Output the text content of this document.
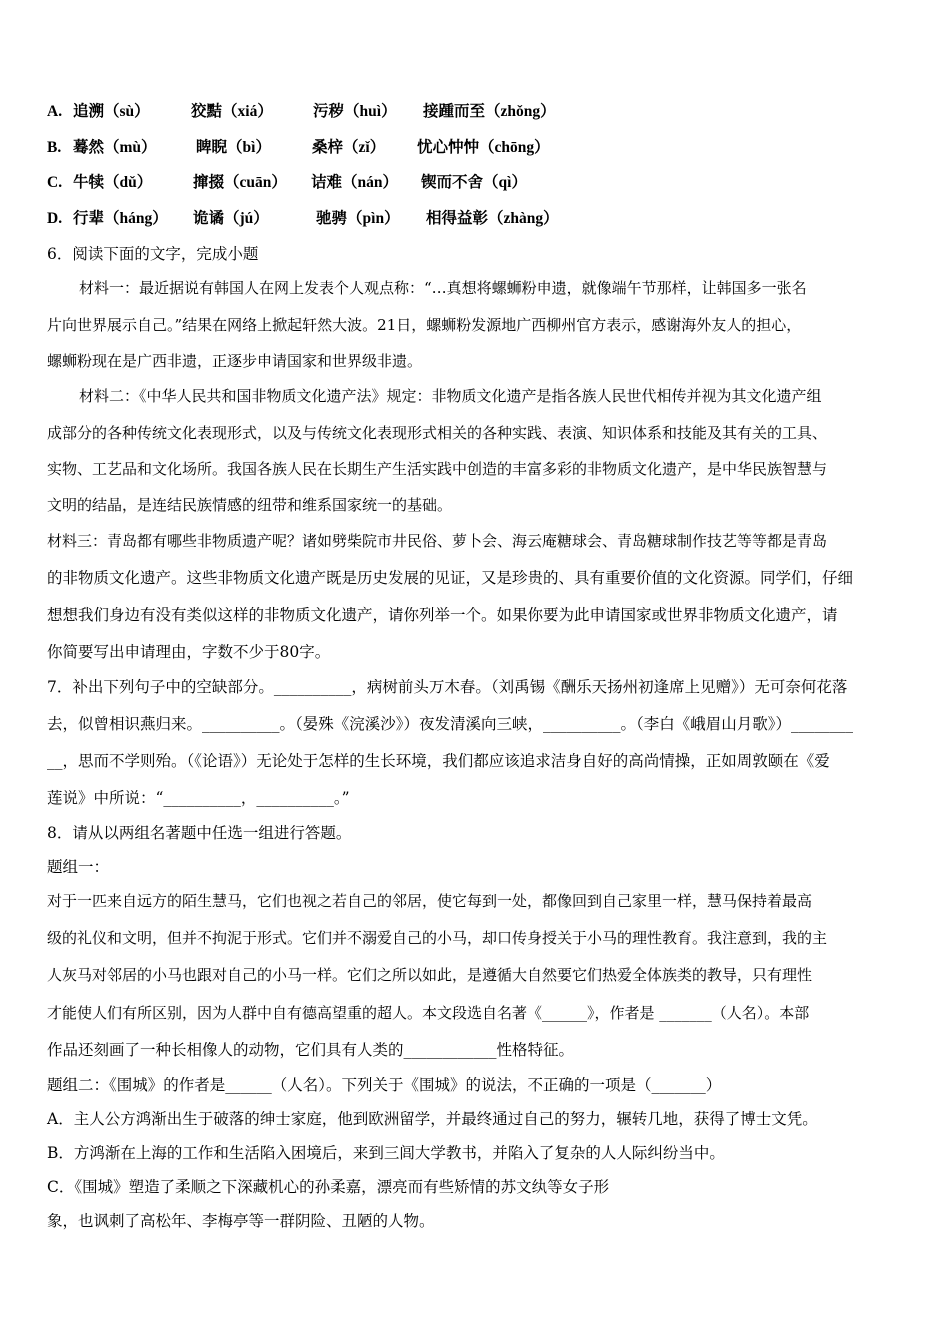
A. 追溯（sù）	狡黠（xiá）	污秽（huì） 接踵而至（zhǒng）
B. 蓦然（mù）	睥睨（bì）	桑梓（zǐ） 忧心忡忡（chōng）
C. 牛犊（dǔ）	撺掇（cuān） 诘难（nán） 锲而不舍（qì）
D. 行辈（háng） 诡谲（jú）	驰骋（pìn） 相得益彰（zhàng）
6．阅读下面的文字，完成小题
材料一：最近据说有韩国人在网上发表个人观点称：“…真想将螺蛳粉申遗，就像端午节那样，让韩国多一张名
片向世界展示自己。”结果在网络上掀起轩然大波。21日，螺蛳粉发源地广西柳州官方表示，感谢海外友人的担心，
螺蛳粉现在是广西非遗，正逐步申请国家和世界级非遗。
材料二：《中华人民共和国非物质文化遗产法》规定：非物质文化遗产是指各族人民世代相传并视为其文化遗产组
成部分的各种传统文化表现形式，以及与传统文化表现形式相关的各种实践、表演、知识体系和技能及其有关的工具、
实物、工艺品和文化场所。我国各族人民在长期生产生活实践中创造的丰富多彩的非物质文化遗产，是中华民族智慧与
文明的结晶，是连结民族情感的纽带和维系国家统一的基础。
材料三：青岛都有哪些非物质遗产呢？诸如劈柴院市井民俗、萝卜会、海云庵糖球会、青岛糖球制作技艺等等都是青岛
的非物质文化遗产。这些非物质文化遗产既是历史发展的见证，又是珍贵的、具有重要价值的文化资源。同学们，仔细
想想我们身边有没有类似这样的非物质文化遗产，请你列举一个。如果你要为此申请国家或世界非物质文化遗产，请
你简要写出申请理由，字数不少于80字。
7．补出下列句子中的空缺部分。__________，病树前头万木春。（刘禹锡《酬乐天扬州初逢席上见赠》）无可奈何花落
去，似曾相识燕归来。__________。（晏殊《浣溪沙》）夜发清溪向三峡，__________。（李白《峨眉山月歌》）________
__，思而不学则殆。（《论语》）无论处于怎样的生长环境，我们都应该追求洁身自好的高尚情操，正如周敦颐在《爱
莲说》中所说：“__________，__________。”
8．请从以两组名著题中任选一组进行答题。
题组一：
对于一匹来自远方的陌生慧马，它们也视之若自己的邻居，使它每到一处，都像回到自己家里一样，慧马保持着最高
级的礼仪和文明，但并不拘泥于形式。它们并不溺爱自己的小马，却口传身授关于小马的理性教育。我注意到，我的主
人灰马对邻居的小马也跟对自己的小马一样。它们之所以如此，是遵循大自然要它们热爱全体族类的教导，只有理性
才能使人们有所区别，因为人群中自有德高望重的超人。本文段选自名著《______》，作者是 _______（人名）。本部
作品还刻画了一种长相像人的动物，它们具有人类的____________性格特征。
题组二：《围城》的作者是______（人名）。下列关于《围城》的说法，不正确的一项是（_______）
A．主人公方鸿渐出生于破落的绅士家庭，他到欧洲留学，并最终通过自己的努力，辗转几地，获得了博士文凭。
B．方鸿渐在上海的工作和生活陷入困境后，来到三闾大学教书，并陷入了复杂的人人际纠纷当中。
C．《围城》塑造了柔顺之下深藏机心的孙柔嘉，漂亮而有些矫情的苏文纨等女子形
象，也讽刺了高松年、李梅亭等一群阴险、丑陋的人物。
